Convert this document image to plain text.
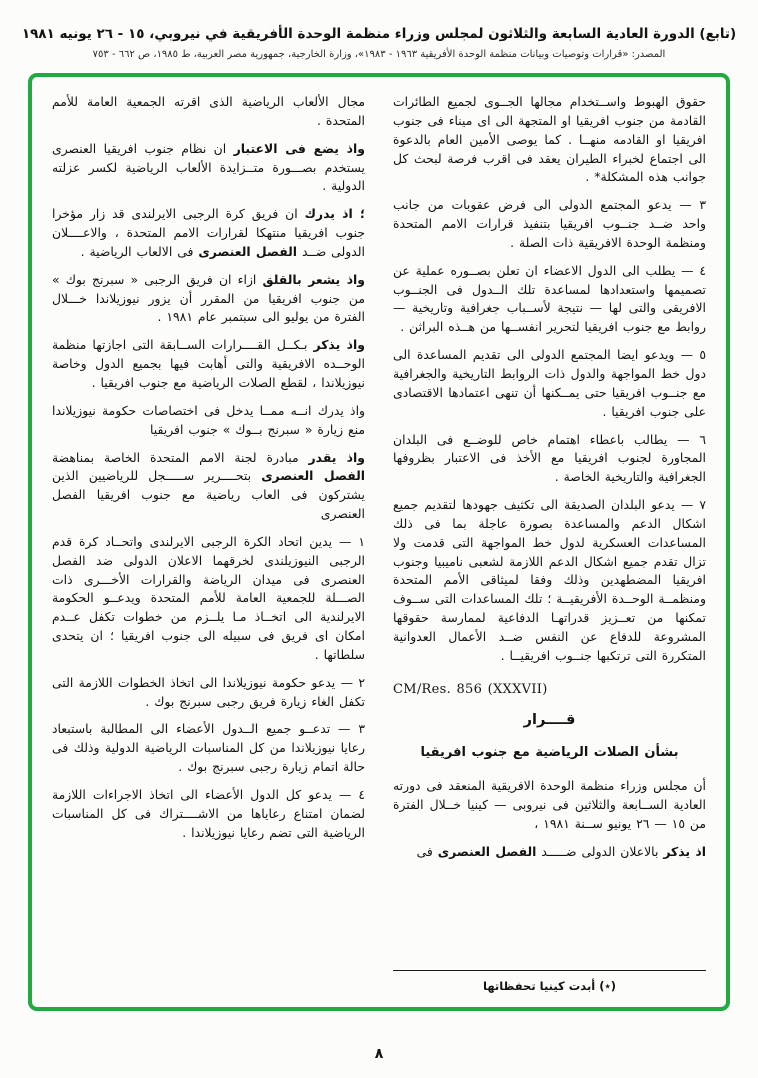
(تابع) الدورة العادية السابعة والثلاثون لمجلس وزراء منظمة الوحدة الأفريقية في نيروبي، ١٥ - ٢٦ يونيه ١٩٨١
المصدر: «قرارات وتوصيات وبيانات منظمة الوحدة الأفريقية ١٩٦٣ - ١٩٨٣»، وزارة الخارجية، جمهورية مصر العربية، ط ١٩٨٥، ص ٦٦٢ - ٧٥٣

حقوق الهبوط واســتخدام مجالها الجــوى لجميع الطائرات القادمة من جنوب افريقيا او المتجهة الى اى ميناء فى جنوب افريقيا او القادمه منهــا . كما يوصى الأمين العام بالدعوة الى اجتماع لخبراء الطيران يعقد فى اقرب فرصة لبحث كل جوانب هذه المشكلة* .

٣ — يدعو المجتمع الدولى الى فرض عقوبات من جانب واحد ضــد جنــوب افريقيا بتنفيذ قرارات الامم المتحدة ومنظمة الوحدة الافريقية ذات الصلة .

٤ — يطلب الى الدول الاعضاء ان تعلن بصــوره عملية عن تصميمها واستعدادها لمساعدة تلك الــدول فى الجنــوب الافريقى والتى لها — نتيجة لأســباب جغرافية وتاريخية — روابط مع جنوب افريقيا لتحرير انفســها من هــذه البراثن .

٥ — ويدعو ايضا المجتمع الدولى الى تقديم المساعدة الى دول خط المواجهة والدول ذات الروابط التاريخية والجغرافية مع جنــوب افريقيا حتى يمــكنها أن تنهى اعتمادها الاقتصادى على جنوب افريقيا .

٦ — يطالب باعطاء اهتمام خاص للوضــع فى البلدان المجاورة لجنوب افريقيا مع الأخذ فى الاعتبار بظروفها الجغرافية والتاريخية الخاصة .

٧ — يدعو البلدان الصديقة الى تكثيف جهودها لتقديم جميع اشكال الدعم والمساعدة بصورة عاجلة بما فى ذلك المساعدات العسكرية لدول خط المواجهة التى قدمت ولا تزال تقدم جميع اشكال الدعم اللازمة لشعبى ناميبيا وجنوب افريقيا المضطهدين وذلك وفقا لميثاقى الأمم المتحدة ومنظمــة الوحــدة الأفريقيــة ؛ تلك المساعدات التى ســوف تمكنها من تعــزيز قدراتهـا الدفاعية لممارسة حقوقها المشروعة للدفاع عن النفس ضــد الأعمال العدوانية المتكررة التى ترتكبها جنــوب افريقيــا .

CM/Res. 856 (XXXVII)

قــــرار

بشأن الصلات الرياضية مع جنوب افريقيا

أن مجلس وزراء منظمة الوحدة الافريقية المنعقد فى دورته العادية الســابعة والثلاثين فى نيروبى — كينيا خــلال الفترة من ١٥ — ٢٦ يونيو ســنة ١٩٨١ ،

اذ يذكر بالاعلان الدولى ضـــــد الفصل العنصرى فى

(٭) أبدت كينيا تحفظاتها

مجال الألعاب الرياضية الذى اقرته الجمعية العامة للأمم المتحدة .

واذ يضع فى الاعتبار ان نظام جنوب افريقيا العنصرى يستخدم بصـــورة متــزايدة الألعاب الرياضية لكسر عزلته الدولية .

؛ اذ يدرك ان فريق كرة الرجبى الايرلندى قد زار مؤخرا جنوب افريقيا منتهكا لقرارات الامم المتحدة ، والاعــــلان الدولى ضــد الفصل العنصرى فى الالعاب الرياضية .

واذ يشعر بالقلق ازاء ان فريق الرجبى « سبرنج بوك » من جنوب افريقيا من المقرر أن يزور نيوزيلاندا خـــلال الفترة من يوليو الى سبتمبر عام ١٩٨١ .

واذ يذكر بـكــل القــــرارات الســابقة التى اجازتها منظمة الوحــده الافريقية والتى أهابت فيها بجميع الدول وخاصة نيوزيلاندا ، لقطع الصلات الرياضية مع جنوب افريقيا .

واذ يدرك انــه ممــا يدخل فى اختصاصات حكومة نيوزيلاندا منع زيارة « سبرنج بــوك » جنوب افريقيا

واذ يقدر مبادرة لجنة الامم المتحدة الخاصة بمناهضة الفصل العنصرى بتحــــرير ســـــجل للرياضيين الذين يشتركون فى العاب رياضية مع جنوب افريقيا الفصل العنصرى

١ — يدين اتحاد الكرة الرجبى الايرلندى واتحــاد كرة قدم الرجبى النيوزيلندى لخرقهما الاعلان الدولى ضد الفصل العنصرى فى ميدان الرياضة والقرارات الأخـــرى ذات الصـــلة للجمعية العامة للأمم المتحدة ويدعــو الحكومة الايرلندية الى اتخــاذ مـا يلــزم من خطوات تكفل عــدم امكان اى فريق فى سبيله الى جنوب افريقيا ؛ ان يتحدى سلطاتها .

٢ — يدعو حكومة نيوزيلاندا الى اتخاذ الخطوات اللازمة التى تكفل الغاء زيارة فريق رجبى سبرنج بوك .

٣ — تدعــو جميع الــدول الأعضاء الى المطالبة باستبعاد رعايا نيوزيلاندا من كل المناسبات الرياضية الدولية وذلك فى حالة اتمام زيارة رجبى سبرنج بوك .

٤ — يدعو كل الدول الأعضاء الى اتخاذ الاجراءات اللازمة لضمان امتناع رعاياها من الاشــــتراك فى كل المناسبات الرياضية التى تضم رعايا نيوزيلاندا .

٨
